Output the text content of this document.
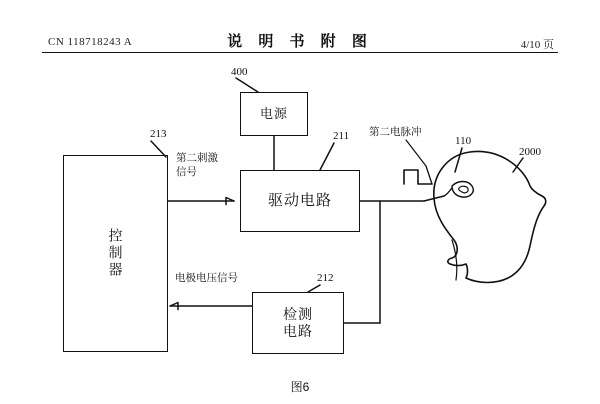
CN 118718243 A	说 明 书 附 图	4/10 页
控制器
电源
驱动电路
检测
电路
400
213	211
212
110
2000
第二刺激
信号
电极电压信号
第二电脉冲
图6
